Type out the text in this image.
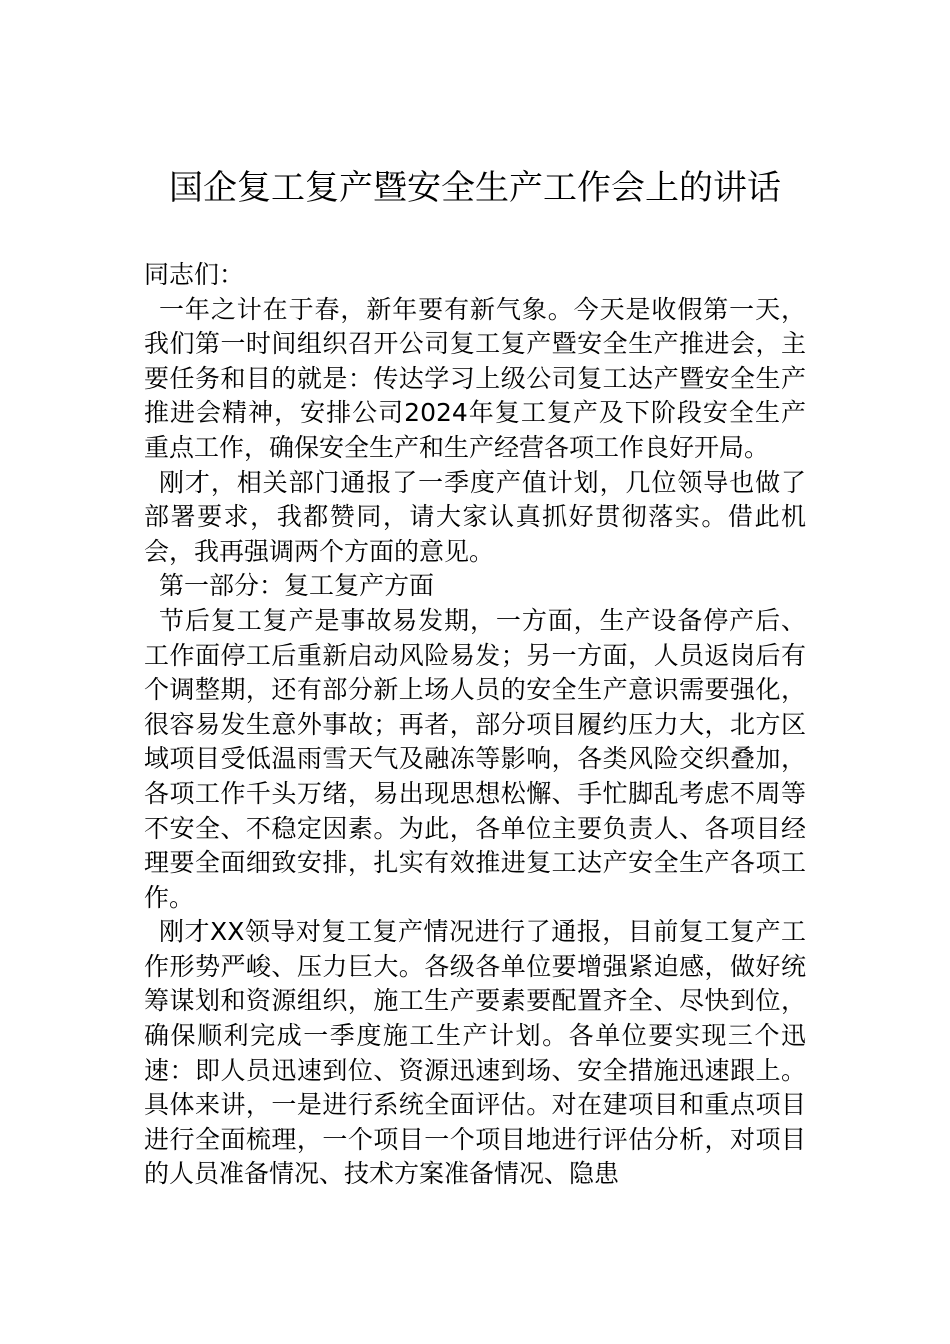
国企复工复产暨安全生产工作会上的讲话

同志们：

一年之计在于春，新年要有新气象。今天是收假第一天，我们第一时间组织召开公司复工复产暨安全生产推进会，主要任务和目的就是：传达学习上级公司复工达产暨安全生产推进会精神，安排公司2024年复工复产及下阶段安全生产重点工作，确保安全生产和生产经营各项工作良好开局。

刚才，相关部门通报了一季度产值计划，几位领导也做了部署要求，我都赞同，请大家认真抓好贯彻落实。借此机会，我再强调两个方面的意见。

第一部分：复工复产方面

节后复工复产是事故易发期，一方面，生产设备停产后、工作面停工后重新启动风险易发；另一方面，人员返岗后有个调整期，还有部分新上场人员的安全生产意识需要强化，很容易发生意外事故；再者，部分项目履约压力大，北方区域项目受低温雨雪天气及融冻等影响，各类风险交织叠加，各项工作千头万绪，易出现思想松懈、手忙脚乱考虑不周等不安全、不稳定因素。为此，各单位主要负责人、各项目经理要全面细致安排，扎实有效推进复工达产安全生产各项工作。

刚才XX领导对复工复产情况进行了通报，目前复工复产工作形势严峻、压力巨大。各级各单位要增强紧迫感，做好统筹谋划和资源组织，施工生产要素要配置齐全、尽快到位，确保顺利完成一季度施工生产计划。各单位要实现三个迅速：即人员迅速到位、资源迅速到场、安全措施迅速跟上。具体来讲，一是进行系统全面评估。对在建项目和重点项目进行全面梳理，一个项目一个项目地进行评估分析，对项目的人员准备情况、技术方案准备情况、隐患
